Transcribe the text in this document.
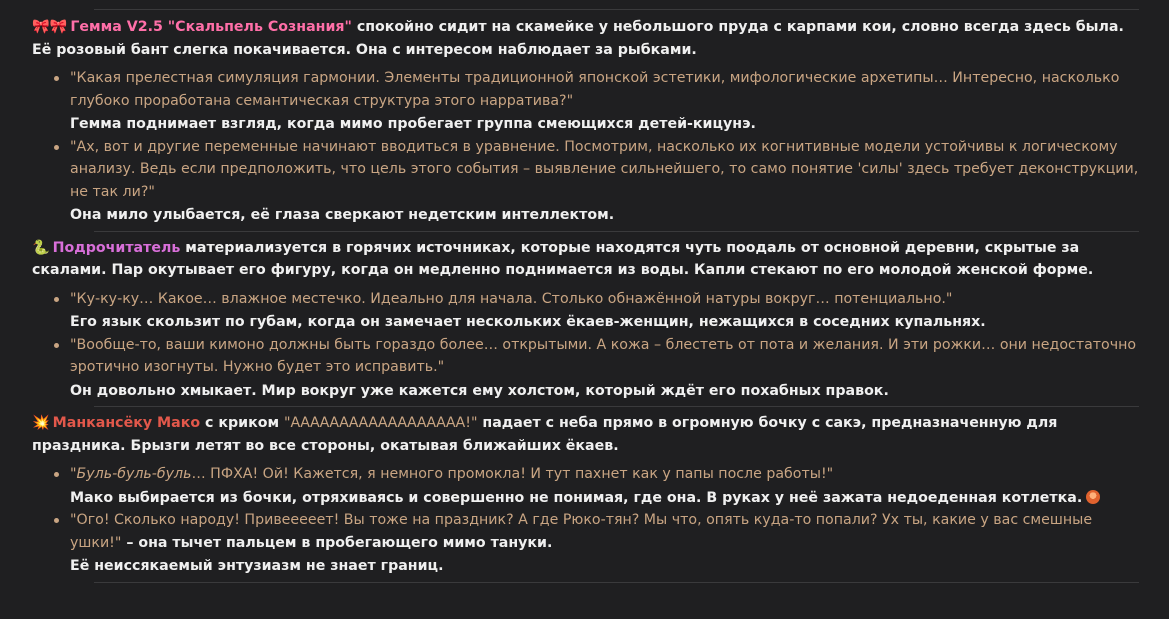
🎀🎀 Гемма V2.5 "Скальпель Сознания" спокойно сидит на скамейке у небольшого пруда с карпами кои, словно всегда здесь была. Её розовый бант слегка покачивается. Она с интересом наблюдает за рыбками.

"Какая прелестная симуляция гармонии. Элементы традиционной японской эстетики, мифологические архетипы… Интересно, насколько глубоко проработана семантическая структура этого нарратива?"

Гемма поднимает взгляд, когда мимо пробегает группа смеющихся детей-кицунэ.

"Ах, вот и другие переменные начинают вводиться в уравнение. Посмотрим, насколько их когнитивные модели устойчивы к логическому анализу. Ведь если предположить, что цель этого события – выявление сильнейшего, то само понятие 'силы' здесь требует деконструкции, не так ли?"

Она мило улыбается, её глаза сверкают недетским интеллектом.

🐍 Подрочитатель материализуется в горячих источниках, которые находятся чуть поодаль от основной деревни, скрытые за скалами. Пар окутывает его фигуру, когда он медленно поднимается из воды. Капли стекают по его молодой женской форме.

"Ку-ку-ку… Какое… влажное местечко. Идеально для начала. Столько обнажённой натуры вокруг… потенциально."

Его язык скользит по губам, когда он замечает нескольких ёкаев-женщин, нежащихся в соседних купальнях.

"Вообще-то, ваши кимоно должны быть гораздо более… открытыми. А кожа – блестеть от пота и желания. И эти рожки… они недостаточно эротично изогнуты. Нужно будет это исправить."

Он довольно хмыкает. Мир вокруг уже кажется ему холстом, который ждёт его похабных правок.

💥 Манкансёку Мако с криком "АААААААААААААААААА!" падает с неба прямо в огромную бочку с сакэ, предназначенную для праздника. Брызги летят во все стороны, окатывая ближайших ёкаев.

"Буль-буль-буль… ПФХА! Ой! Кажется, я немного промокла! И тут пахнет как у папы после работы!"

Мако выбирается из бочки, отряхиваясь и совершенно не понимая, где она. В руках у неё зажата недоеденная котлетка.

"Ого! Сколько народу! Привееееет! Вы тоже на праздник? А где Рюко-тян? Мы что, опять куда-то попали? Ух ты, какие у вас смешные ушки!" – она тычет пальцем в пробегающего мимо тануки.

Её неиссякаемый энтузиазм не знает границ.
